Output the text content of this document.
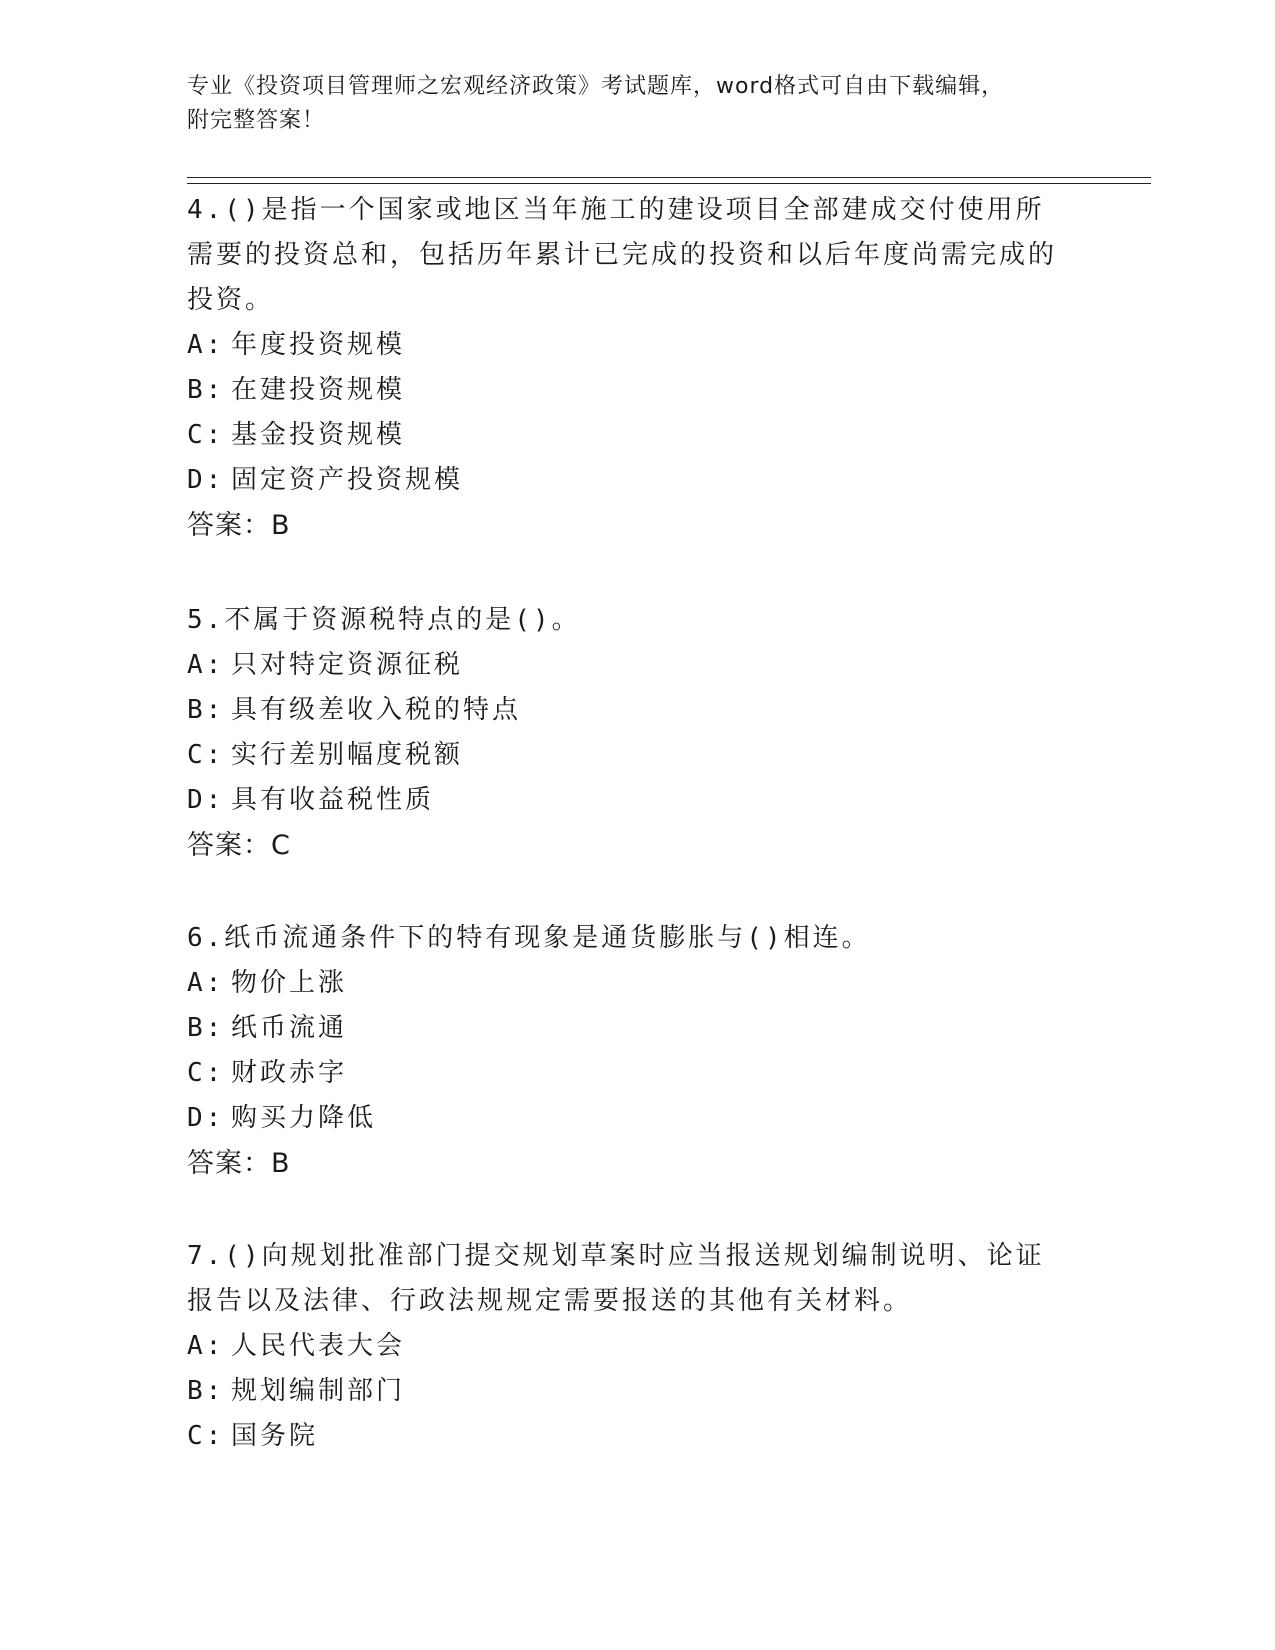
专业《投资项目管理师之宏观经济政策》考试题库，word格式可自由下载编辑，
附完整答案！

4.()是指一个国家或地区当年施工的建设项目全部建成交付使用所需要的投资总和，包括历年累计已完成的投资和以后年度尚需完成的投资。

A: 年度投资规模
B: 在建投资规模
C: 基金投资规模
D: 固定资产投资规模
答案：B

5.不属于资源税特点的是()。

A: 只对特定资源征税
B: 具有级差收入税的特点
C: 实行差别幅度税额
D: 具有收益税性质
答案：C

6.纸币流通条件下的特有现象是通货膨胀与()相连。

A: 物价上涨
B: 纸币流通
C: 财政赤字
D: 购买力降低
答案：B

7.()向规划批准部门提交规划草案时应当报送规划编制说明、论证报告以及法律、行政法规规定需要报送的其他有关材料。

A: 人民代表大会
B: 规划编制部门
C: 国务院
